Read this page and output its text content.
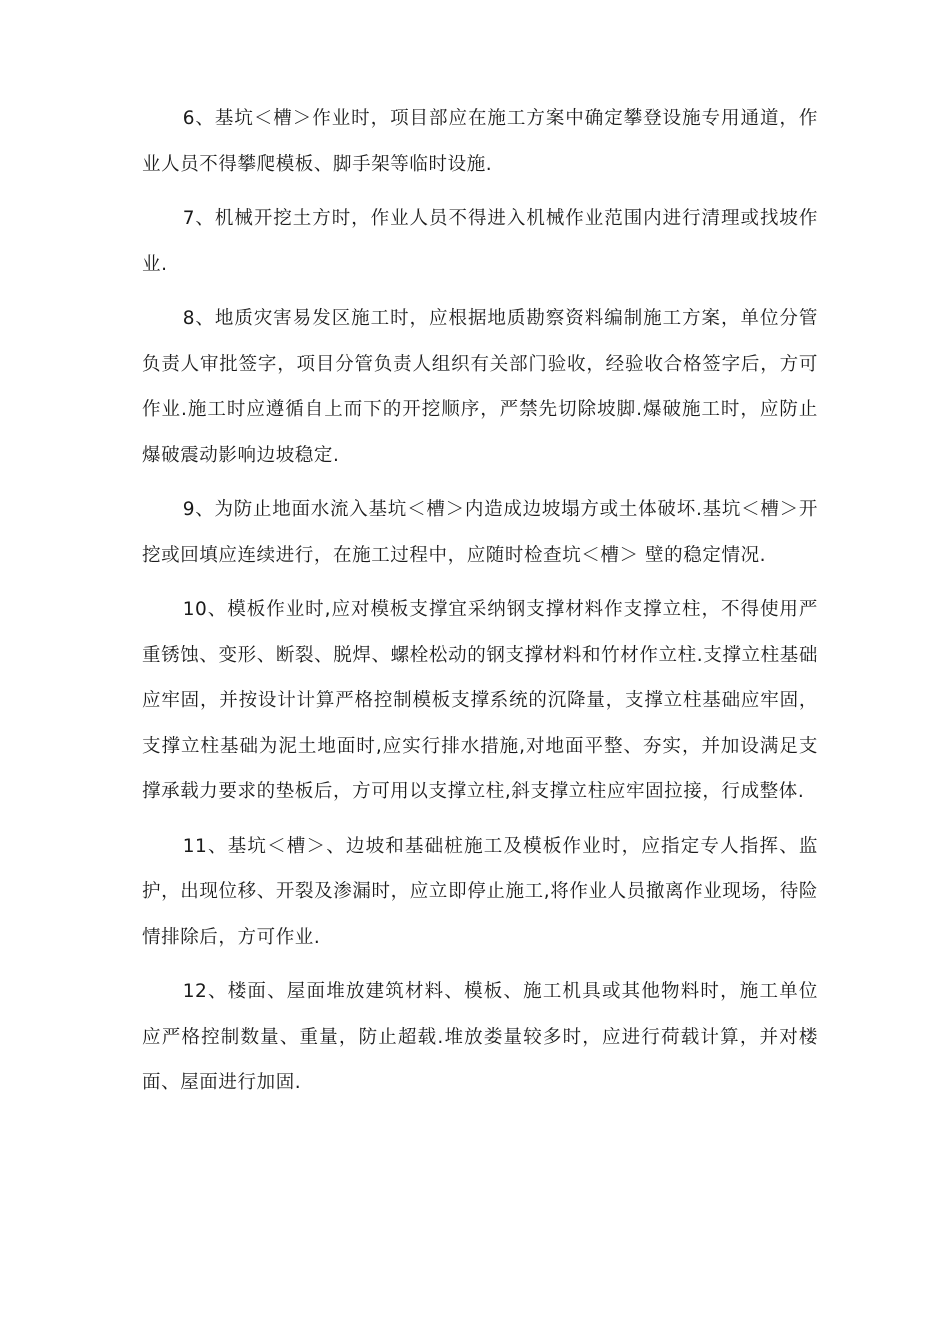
6、基坑＜槽＞作业时，项目部应在施工方案中确定攀登设施专用通道，作业人员不得攀爬模板、脚手架等临时设施.

7、机械开挖土方时，作业人员不得进入机械作业范围内进行清理或找坡作业.

8、地质灾害易发区施工时，应根据地质勘察资料编制施工方案，单位分管负责人审批签字，项目分管负责人组织有关部门验收，经验收合格签字后，方可作业.施工时应遵循自上而下的开挖顺序，严禁先切除坡脚.爆破施工时，应防止爆破震动影响边坡稳定.

9、为防止地面水流入基坑＜槽＞内造成边坡塌方或土体破坏.基坑＜槽＞开挖或回填应连续进行，在施工过程中，应随时检查坑＜槽＞ 壁的稳定情况.

10、模板作业时,应对模板支撑宜采纳钢支撑材料作支撑立柱，不得使用严重锈蚀、变形、断裂、脱焊、螺栓松动的钢支撑材料和竹材作立柱.支撑立柱基础应牢固，并按设计计算严格控制模板支撑系统的沉降量，支撑立柱基础应牢固，支撑立柱基础为泥土地面时,应实行排水措施,对地面平整、夯实，并加设满足支撑承载力要求的垫板后，方可用以支撑立柱,斜支撑立柱应牢固拉接，行成整体.

11、基坑＜槽＞、边坡和基础桩施工及模板作业时，应指定专人指挥、监护，出现位移、开裂及渗漏时，应立即停止施工,将作业人员撤离作业现场，待险情排除后，方可作业.

12、楼面、屋面堆放建筑材料、模板、施工机具或其他物料时，施工单位应严格控制数量、重量，防止超载.堆放娄量较多时，应进行荷载计算，并对楼面、屋面进行加固.
